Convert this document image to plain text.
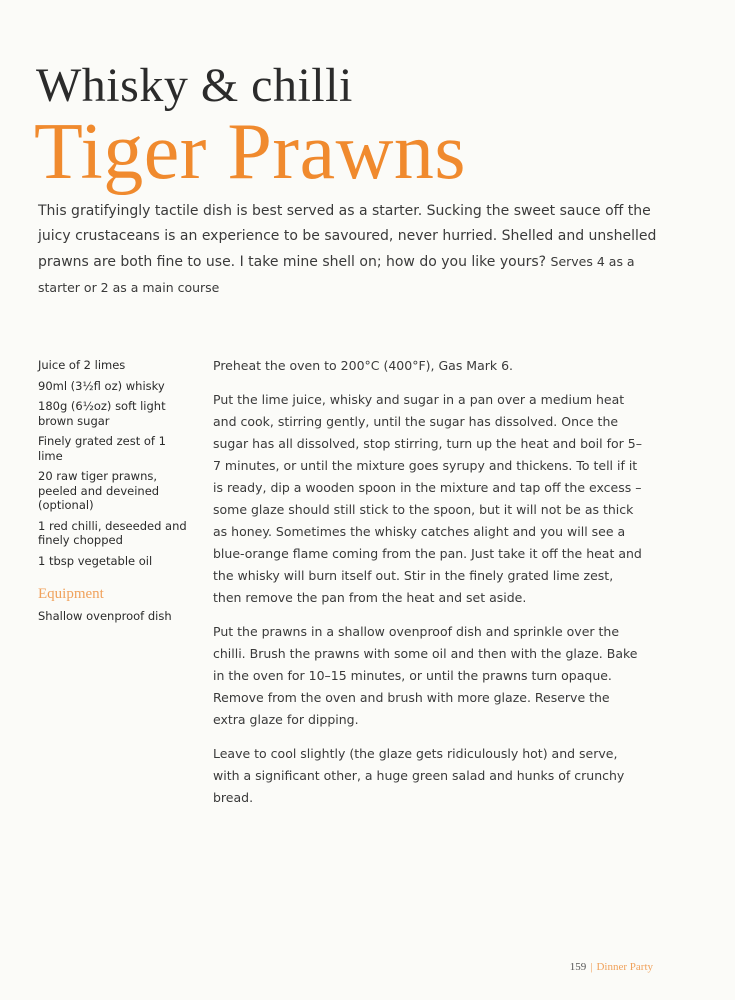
Whisky & chilli
Tiger Prawns

This gratifyingly tactile dish is best served as a starter. Sucking the sweet sauce off the juicy crustaceans is an experience to be savoured, never hurried. Shelled and unshelled prawns are both fine to use. I take mine shell on; how do you like yours? Serves 4 as a starter or 2 as a main course

Juice of 2 limes
90ml (3½fl oz) whisky
180g (6½oz) soft light brown sugar
Finely grated zest of 1 lime
20 raw tiger prawns, peeled and deveined (optional)
1 red chilli, deseeded and finely chopped
1 tbsp vegetable oil
Equipment

Shallow ovenproof dish

Preheat the oven to 200°C (400°F), Gas Mark 6.

Put the lime juice, whisky and sugar in a pan over a medium heat and cook, stirring gently, until the sugar has dissolved. Once the sugar has all dissolved, stop stirring, turn up the heat and boil for 5–7 minutes, or until the mixture goes syrupy and thickens. To tell if it is ready, dip a wooden spoon in the mixture and tap off the excess – some glaze should still stick to the spoon, but it will not be as thick as honey. Sometimes the whisky catches alight and you will see a blue-orange flame coming from the pan. Just take it off the heat and the whisky will burn itself out. Stir in the finely grated lime zest, then remove the pan from the heat and set aside.

Put the prawns in a shallow ovenproof dish and sprinkle over the chilli. Brush the prawns with some oil and then with the glaze. Bake in the oven for 10–15 minutes, or until the prawns turn opaque. Remove from the oven and brush with more glaze. Reserve the extra glaze for dipping.

Leave to cool slightly (the glaze gets ridiculously hot) and serve, with a significant other, a huge green salad and hunks of crunchy bread.

159 | Dinner Party
